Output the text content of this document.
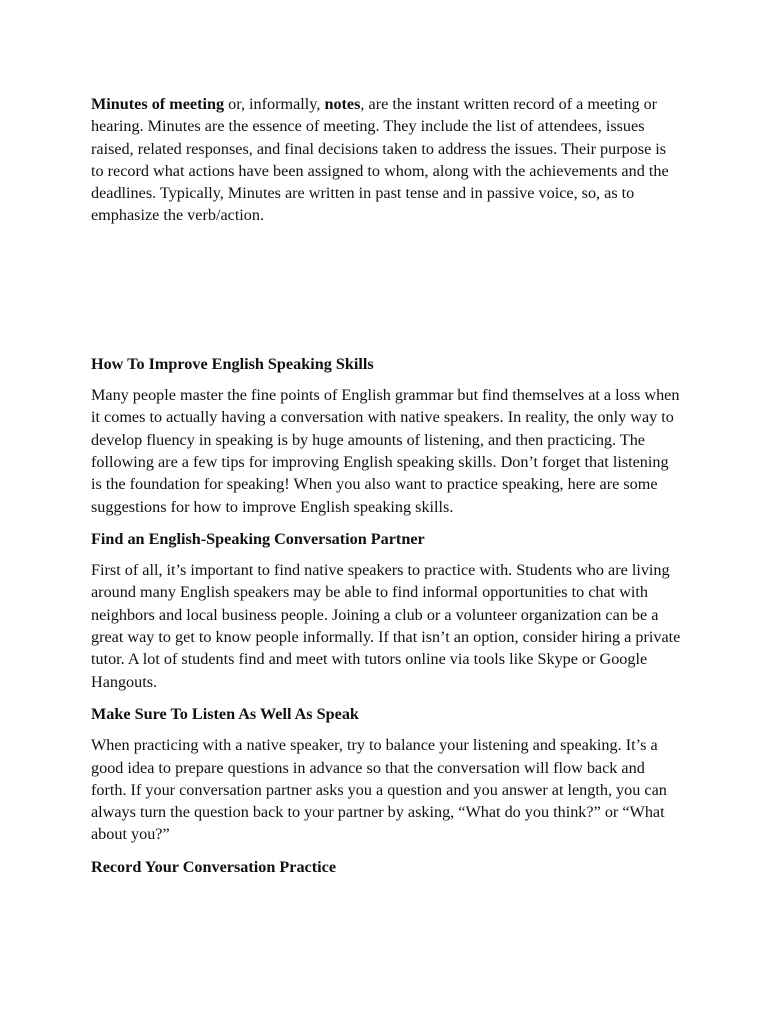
Minutes of meeting or, informally, notes, are the instant written record of a meeting or hearing. Minutes are the essence of meeting. They include the list of attendees, issues raised, related responses, and final decisions taken to address the issues. Their purpose is to record what actions have been assigned to whom, along with the achievements and the deadlines. Typically, Minutes are written in past tense and in passive voice, so, as to emphasize the verb/action.

How To Improve English Speaking Skills

Many people master the fine points of English grammar but find themselves at a loss when it comes to actually having a conversation with native speakers. In reality, the only way to develop fluency in speaking is by huge amounts of listening, and then practicing. The following are a few tips for improving English speaking skills. Don’t forget that listening is the foundation for speaking! When you also want to practice speaking, here are some suggestions for how to improve English speaking skills.

Find an English-Speaking Conversation Partner

First of all, it’s important to find native speakers to practice with. Students who are living around many English speakers may be able to find informal opportunities to chat with neighbors and local business people. Joining a club or a volunteer organization can be a great way to get to know people informally. If that isn’t an option, consider hiring a private tutor. A lot of students find and meet with tutors online via tools like Skype or Google Hangouts.

Make Sure To Listen As Well As Speak

When practicing with a native speaker, try to balance your listening and speaking. It’s a good idea to prepare questions in advance so that the conversation will flow back and forth. If your conversation partner asks you a question and you answer at length, you can always turn the question back to your partner by asking, “What do you think?” or “What about you?”

Record Your Conversation Practice
